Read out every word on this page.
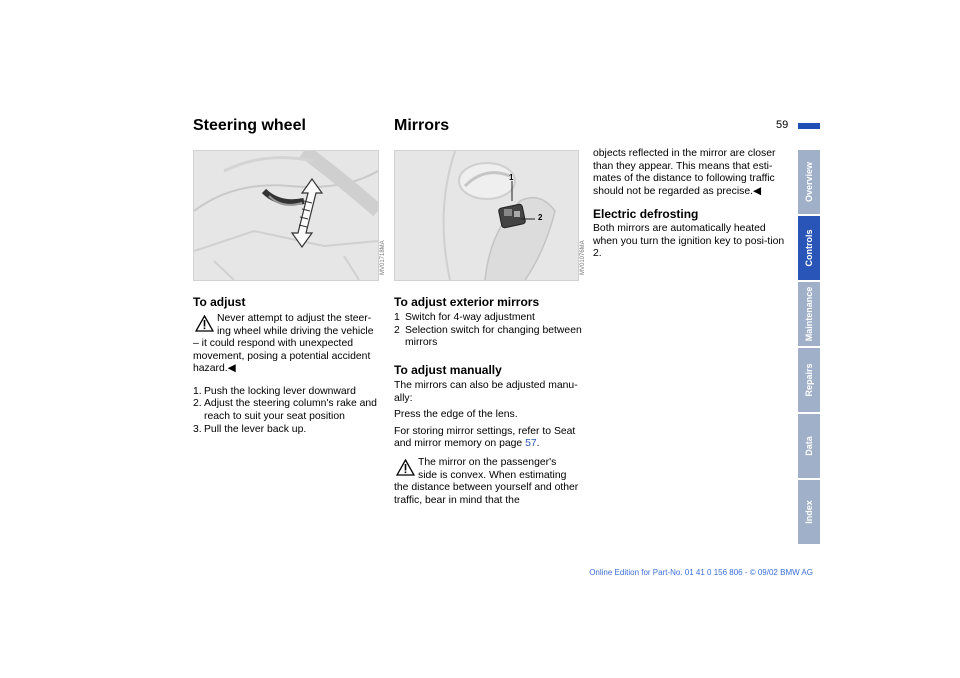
Steering wheel
MV01718MA
To adjust
Never attempt to adjust the steer-
ing wheel while driving the vehicle

– it could respond with unexpected movement, posing a potential accident hazard.◀

1. Push the locking lever downward
2. Adjust the steering column's rake and reach to suit your seat position
3. Pull the lever back up.
Mirrors
1
2
MV01076MA
To adjust exterior mirrors
1 Switch for 4-way adjustment
2 Selection switch for changing between mirrors
To adjust manually

The mirrors can also be adjusted manu-ally:

Press the edge of the lens.

For storing mirror settings, refer to Seat and mirror memory on page 57.

The mirror on the passenger's
side is convex. When estimating

the distance between yourself and other traffic, bear in mind that the

59

objects reflected in the mirror are closer than they appear. This means that esti-mates of the distance to following traffic should not be regarded as precise.◀

Electric defrosting

Both mirrors are automatically heated when you turn the ignition key to posi-tion 2.

Overview
Controls
Maintenance
Repairs
Data
Index
Online Edition for Part-No. 01 41 0 156 806 - © 09/02 BMW AG
